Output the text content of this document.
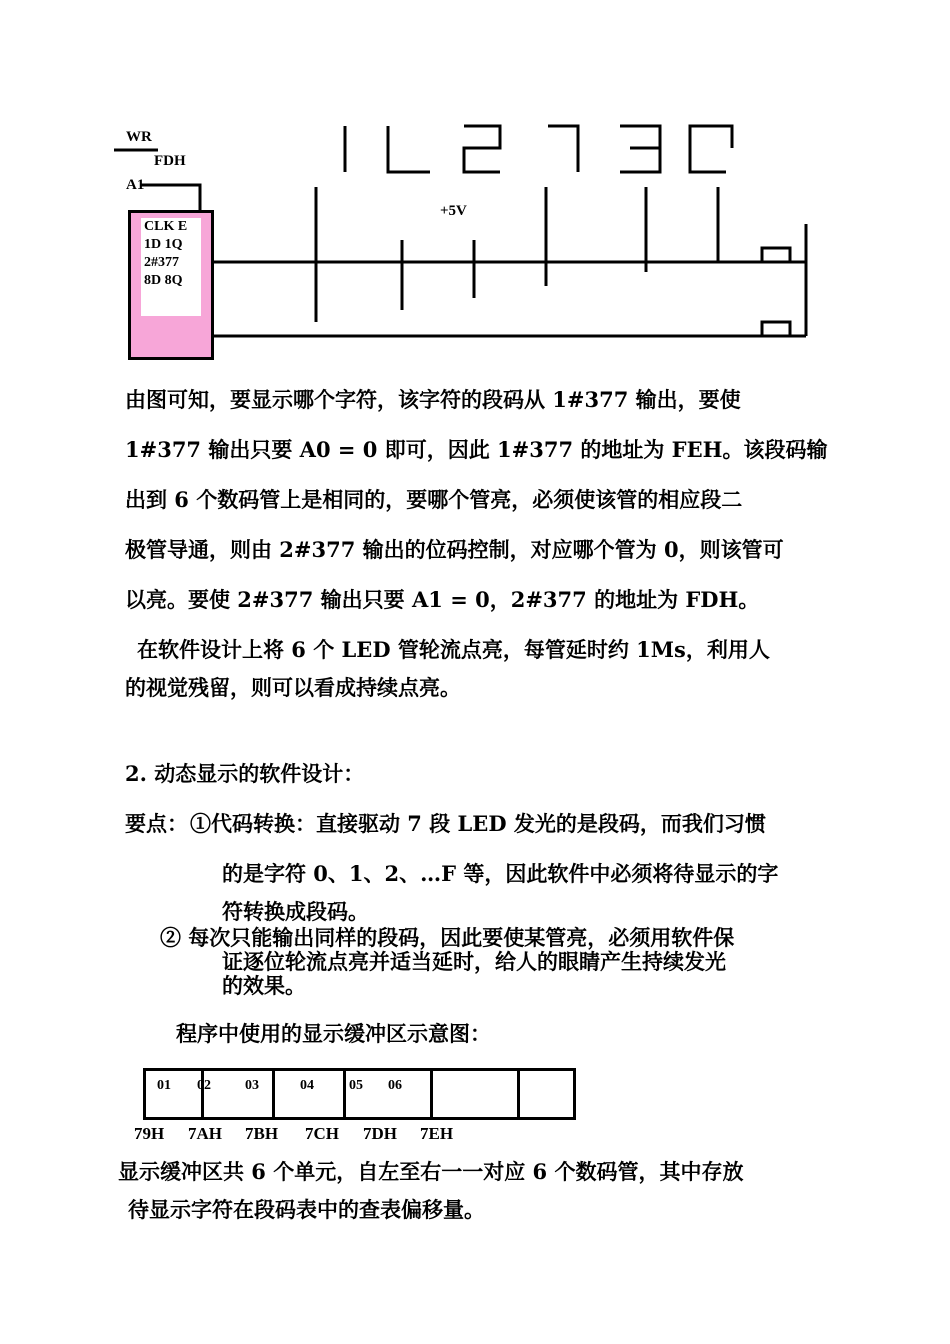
WR
FDH
A1
+5V
CLK E
1D 1Q
2#377
8D 8Q
由图可知，要显示哪个字符，该字符的段码从 1#377 输出，要使
1#377 输出只要 A0 = 0 即可，因此 1#377 的地址为 FEH。该段码输
出到 6 个数码管上是相同的，要哪个管亮，必须使该管的相应段二
极管导通，则由 2#377 输出的位码控制，对应哪个管为 0，则该管可
以亮。要使 2#377 输出只要 A1 = 0，2#377 的地址为 FDH。
在软件设计上将 6 个 LED 管轮流点亮，每管延时约 1Ms，利用人
的视觉残留，则可以看成持续点亮。
2. 动态显示的软件设计：
要点： ①代码转换：直接驱动 7 段 LED 发光的是段码，而我们习惯
的是字符 0、1、2、…F 等，因此软件中必须将待显示的字
符转换成段码。
② 每次只能输出同样的段码，因此要使某管亮，必须用软件保
证逐位轮流点亮并适当延时，给人的眼睛产生持续发光
的效果。
程序中使用的显示缓冲区示意图：
01 02 03	04	05 06
79H 7AH 7BH 7CH 7DH 7EH
显示缓冲区共 6 个单元，自左至右一一对应 6 个数码管，其中存放
待显示字符在段码表中的查表偏移量。
